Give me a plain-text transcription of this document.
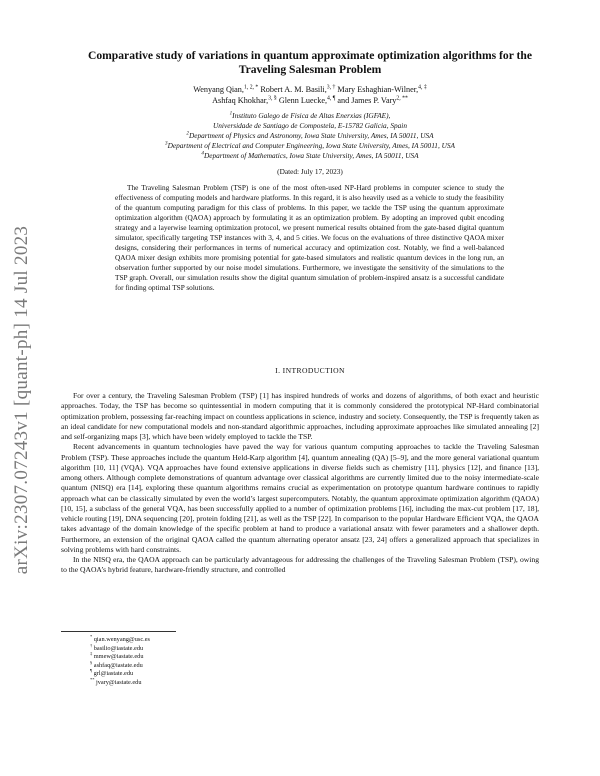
arXiv:2307.07243v1 [quant-ph] 14 Jul 2023
Comparative study of variations in quantum approximate optimization algorithms for the Traveling Salesman Problem
Wenyang Qian,$^{1, 2, *}$ Robert A. M. Basili,$^{3, \dagger}$ Mary Eshaghian-Wilner,$^{4, \ddagger}$
Ashfaq Khokhar,$^{3, \S}$ Glenn Luecke,$^{4, \P}$ and James P. Vary$^{2, **}$
$^1$Instituto Galego de Fisica de Altas Enerxias (IGFAE),
Universidade de Santiago de Compostela, E-15782 Galicia, Spain
$^2$Department of Physics and Astronomy, Iowa State University, Ames, IA 50011, USA
$^3$Department of Electrical and Computer Engineering, Iowa State University, Ames, IA 50011, USA
$^4$Department of Mathematics, Iowa State University, Ames, IA 50011, USA
(Dated: July 17, 2023)
The Traveling Salesman Problem (TSP) is one of the most often-used NP-Hard problems in computer science to study the effectiveness of computing models and hardware platforms. In this regard, it is also heavily used as a vehicle to study the feasibility of the quantum computing paradigm for this class of problems. In this paper, we tackle the TSP using the quantum approximate optimization algorithm (QAOA) approach by formulating it as an optimization problem. By adopting an improved qubit encoding strategy and a layerwise learning optimization protocol, we present numerical results obtained from the gate-based digital quantum simulator, specifically targeting TSP instances with 3, 4, and 5 cities. We focus on the evaluations of three distinctive QAOA mixer designs, considering their performances in terms of numerical accuracy and optimization cost. Notably, we find a well-balanced QAOA mixer design exhibits more promising potential for gate-based simulators and realistic quantum devices in the long run, an observation further supported by our noise model simulations. Furthermore, we investigate the sensitivity of the simulations to the TSP graph. Overall, our simulation results show the digital quantum simulation of problem-inspired ansatz is a successful candidate for finding optimal TSP solutions.
I. INTRODUCTION

For over a century, the Traveling Salesman Problem (TSP) [1] has inspired hundreds of works and dozens of algorithms, of both exact and heuristic approaches. Today, the TSP has become so quintessential in modern computing that it is commonly considered the prototypical NP-Hard combinatorial optimization problem, possessing far-reaching impact on countless applications in science, industry and society. Consequently, the TSP is frequently taken as an ideal candidate for new computational models and non-standard algorithmic approaches, including approximate approaches like simulated annealing [2] and self-organizing maps [3], which have been widely employed to tackle the TSP.

Recent advancements in quantum technologies have paved the way for various quantum computing approaches to tackle the Traveling Salesman Problem (TSP). These approaches include the quantum Held-Karp algorithm [4], quantum annealing (QA) [5–9], and the more general variational quantum algorithm [10, 11] (VQA). VQA approaches have found extensive applications in diverse fields such as chemistry [11], physics [12], and finance [13], among others. Although complete demonstrations of quantum advantage over classical algorithms are currently limited due to the noisy intermediate-scale quantum (NISQ) era [14], exploring these quantum algorithms remains crucial as experimentation on prototype quantum hardware continues to rapidly approach what can be classically simulated by even the world’s largest supercomputers. Notably, the quantum approximate optimization algorithm (QAOA) [10, 15], a subclass of the general VQA, has been successfully applied to a number of optimization problems [16], including the max-cut problem [17, 18], vehicle routing [19], DNA sequencing [20], protein folding [21], as well as the TSP [22]. In comparison to the popular Hardware Efficient VQA, the QAOA takes advantage of the domain knowledge of the specific problem at hand to produce a variational ansatz with fewer parameters and a shallower depth. Furthermore, an extension of the original QAOA called the quantum alternating operator ansatz [23, 24] offers a generalized approach that specializes in solving problems with hard constraints.

In the NISQ era, the QAOA approach can be particularly advantageous for addressing the challenges of the Traveling Salesman Problem (TSP), owing to the QAOA’s hybrid feature, hardware-friendly structure, and controlled

* qian.wenyang@usc.es
† basilio@iastate.edu
‡ mmew@iastate.edu
§ ashfaq@iastate.edu
¶ grl@iastate.edu
** jvary@iastate.edu
